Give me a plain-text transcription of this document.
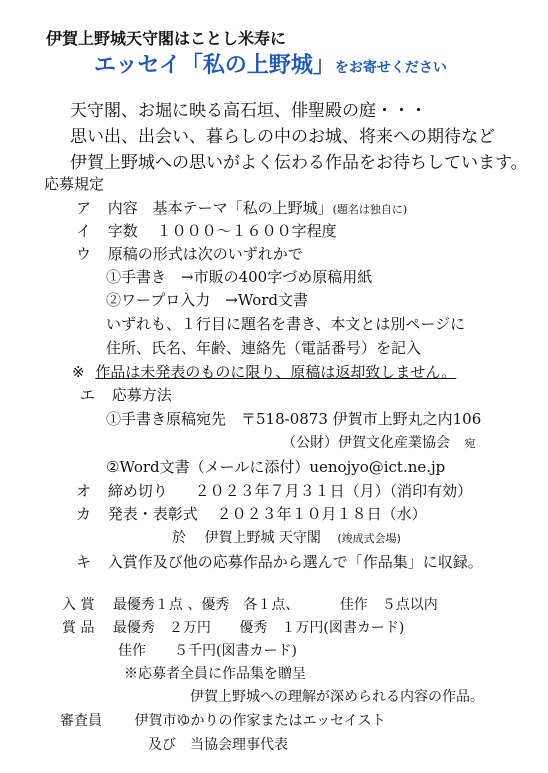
伊賀上野城天守閣はことし米寿に
エッセイ「私の上野城」をお寄せください
天守閣、お堀に映る高石垣、俳聖殿の庭・・・
思い出、出会い、暮らしの中のお城、将来への期待など
伊賀上野城への思いがよく伝わる作品をお待ちしています。
応募規定
ア 内容 基本テーマ「私の上野城」(題名は独自に)
イ 字数 １０００～１６００字程度
ウ 原稿の形式は次のいずれかで
①手書き　→市販の400字づめ原稿用紙
②ワープロ入力　→Word文書
いずれも、１行目に題名を書き、本文とは別ページに
住所、氏名、年齢、連絡先（電話番号）を記入
※ 作品は未発表のものに限り、原稿は返却致しません。
エ 応募方法
①手書き原稿宛先　〒518-0873 伊賀市上野丸之内106
（公財）伊賀文化産業協会 宛
②Word文書（メールに添付）uenojyo@ict.ne.jp
オ 締め切り ２０２３年７月３１日（月）（消印有効）
カ 発表・表彰式 ２０２３年１０月１８日（水）
於 伊賀上野城 天守閣 (竣成式会場)
キ 入賞作及び他の応募作品から選んで「作品集」に収録。
入 賞 最優秀１点 、優秀　各１点、	佳作　５点以内
賞 品 最優秀　２万円 優秀　１万円(図書カード)
佳作　　５千円(図書カード)
※応募者全員に作品集を贈呈
伊賀上野城への理解が深められる内容の作品。
審査員 伊賀市ゆかりの作家またはエッセイスト
及び　当協会理事代表
